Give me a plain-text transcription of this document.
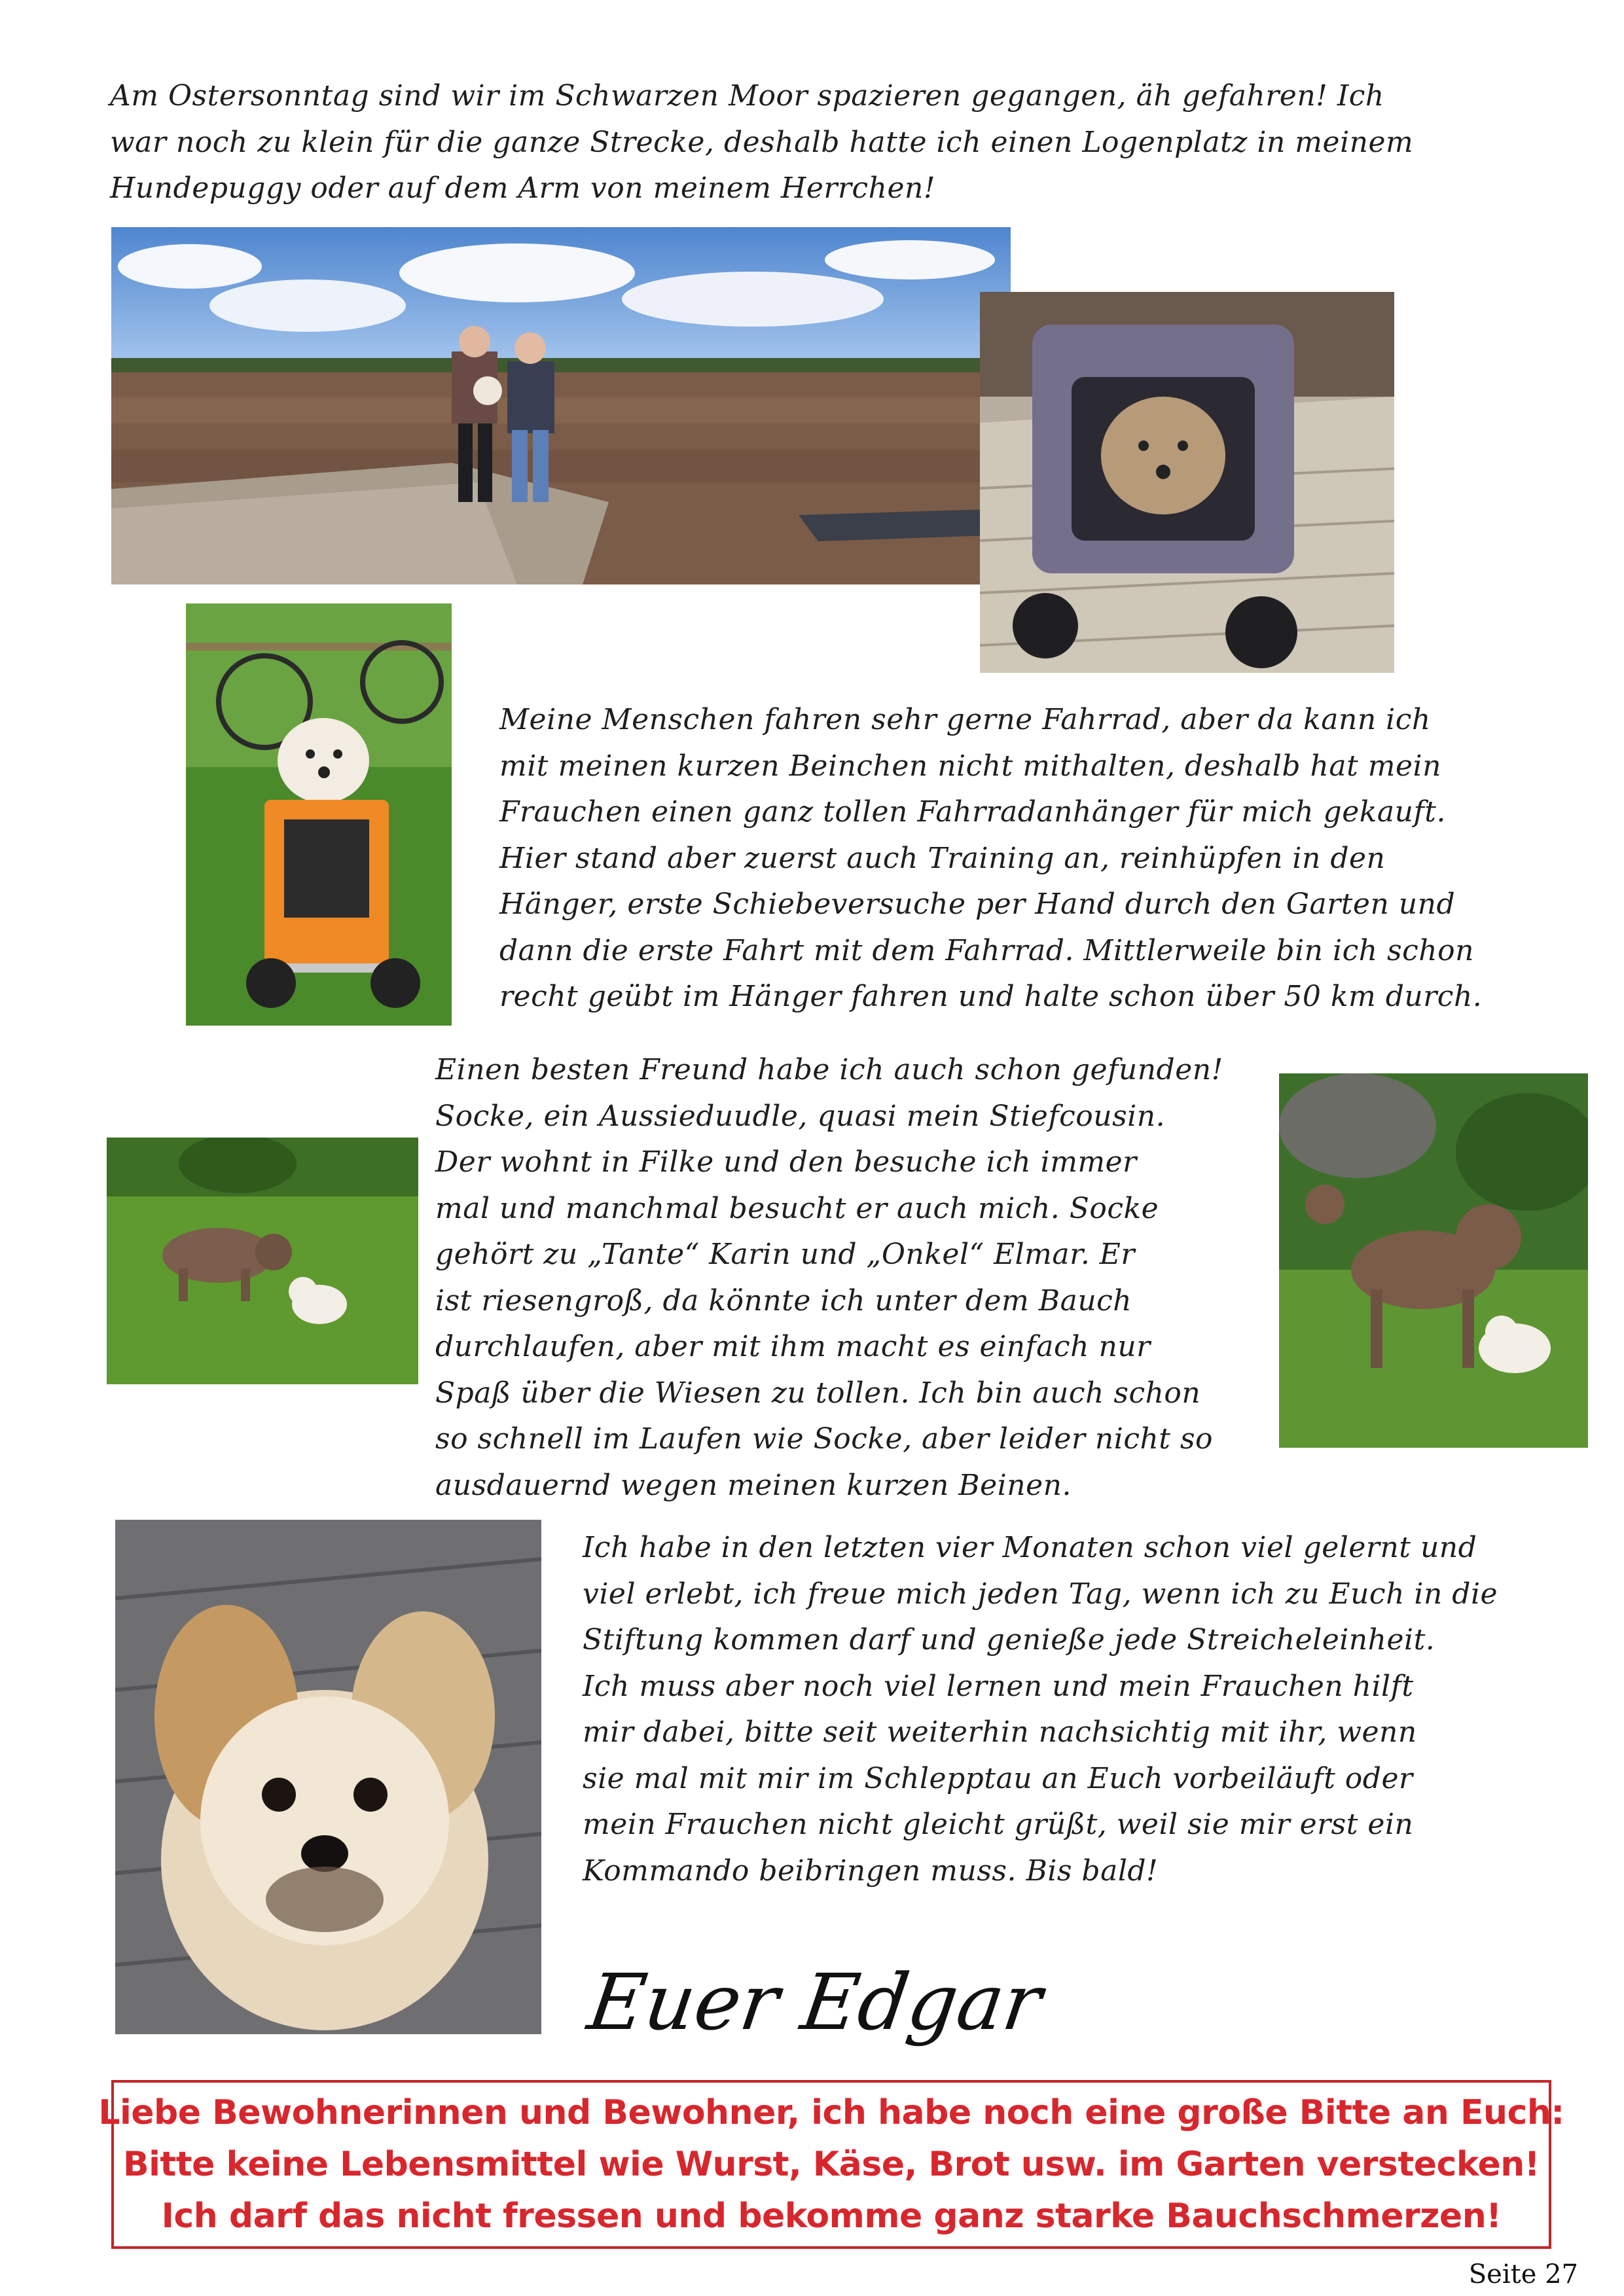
Am Ostersonntag sind wir im Schwarzen Moor spazieren gegangen, äh gefahren! Ich
war noch zu klein für die ganze Strecke, deshalb hatte ich einen Logenplatz in meinem
Hundepuggy oder auf dem Arm von meinem Herrchen!
Meine Menschen fahren sehr gerne Fahrrad, aber da kann ich
mit meinen kurzen Beinchen nicht mithalten, deshalb hat mein
Frauchen einen ganz tollen Fahrradanhänger für mich gekauft.
Hier stand aber zuerst auch Training an, reinhüpfen in den
Hänger, erste Schiebeversuche per Hand durch den Garten und
dann die erste Fahrt mit dem Fahrrad. Mittlerweile bin ich schon
recht geübt im Hänger fahren und halte schon über 50 km durch.
Einen besten Freund habe ich auch schon gefunden!
Socke, ein Aussieduudle, quasi mein Stiefcousin.
Der wohnt in Filke und den besuche ich immer
mal und manchmal besucht er auch mich. Socke
gehört zu „Tante“ Karin und „Onkel“ Elmar. Er
ist riesengroß, da könnte ich unter dem Bauch
durchlaufen, aber mit ihm macht es einfach nur
Spaß über die Wiesen zu tollen. Ich bin auch schon
so schnell im Laufen wie Socke, aber leider nicht so
ausdauernd wegen meinen kurzen Beinen.
Ich habe in den letzten vier Monaten schon viel gelernt und
viel erlebt, ich freue mich jeden Tag, wenn ich zu Euch in die
Stiftung kommen darf und genieße jede Streicheleinheit.
Ich muss aber noch viel lernen und mein Frauchen hilft
mir dabei, bitte seit weiterhin nachsichtig mit ihr, wenn
sie mal mit mir im Schlepptau an Euch vorbeiläuft oder
mein Frauchen nicht gleicht grüßt, weil sie mir erst ein
Kommando beibringen muss. Bis bald!
Euer Edgar
Liebe Bewohnerinnen und Bewohner, ich habe noch eine große Bitte an Euch:
Bitte keine Lebensmittel wie Wurst, Käse, Brot usw. im Garten verstecken!
Ich darf das nicht fressen und bekomme ganz starke Bauchschmerzen!
Seite 27
